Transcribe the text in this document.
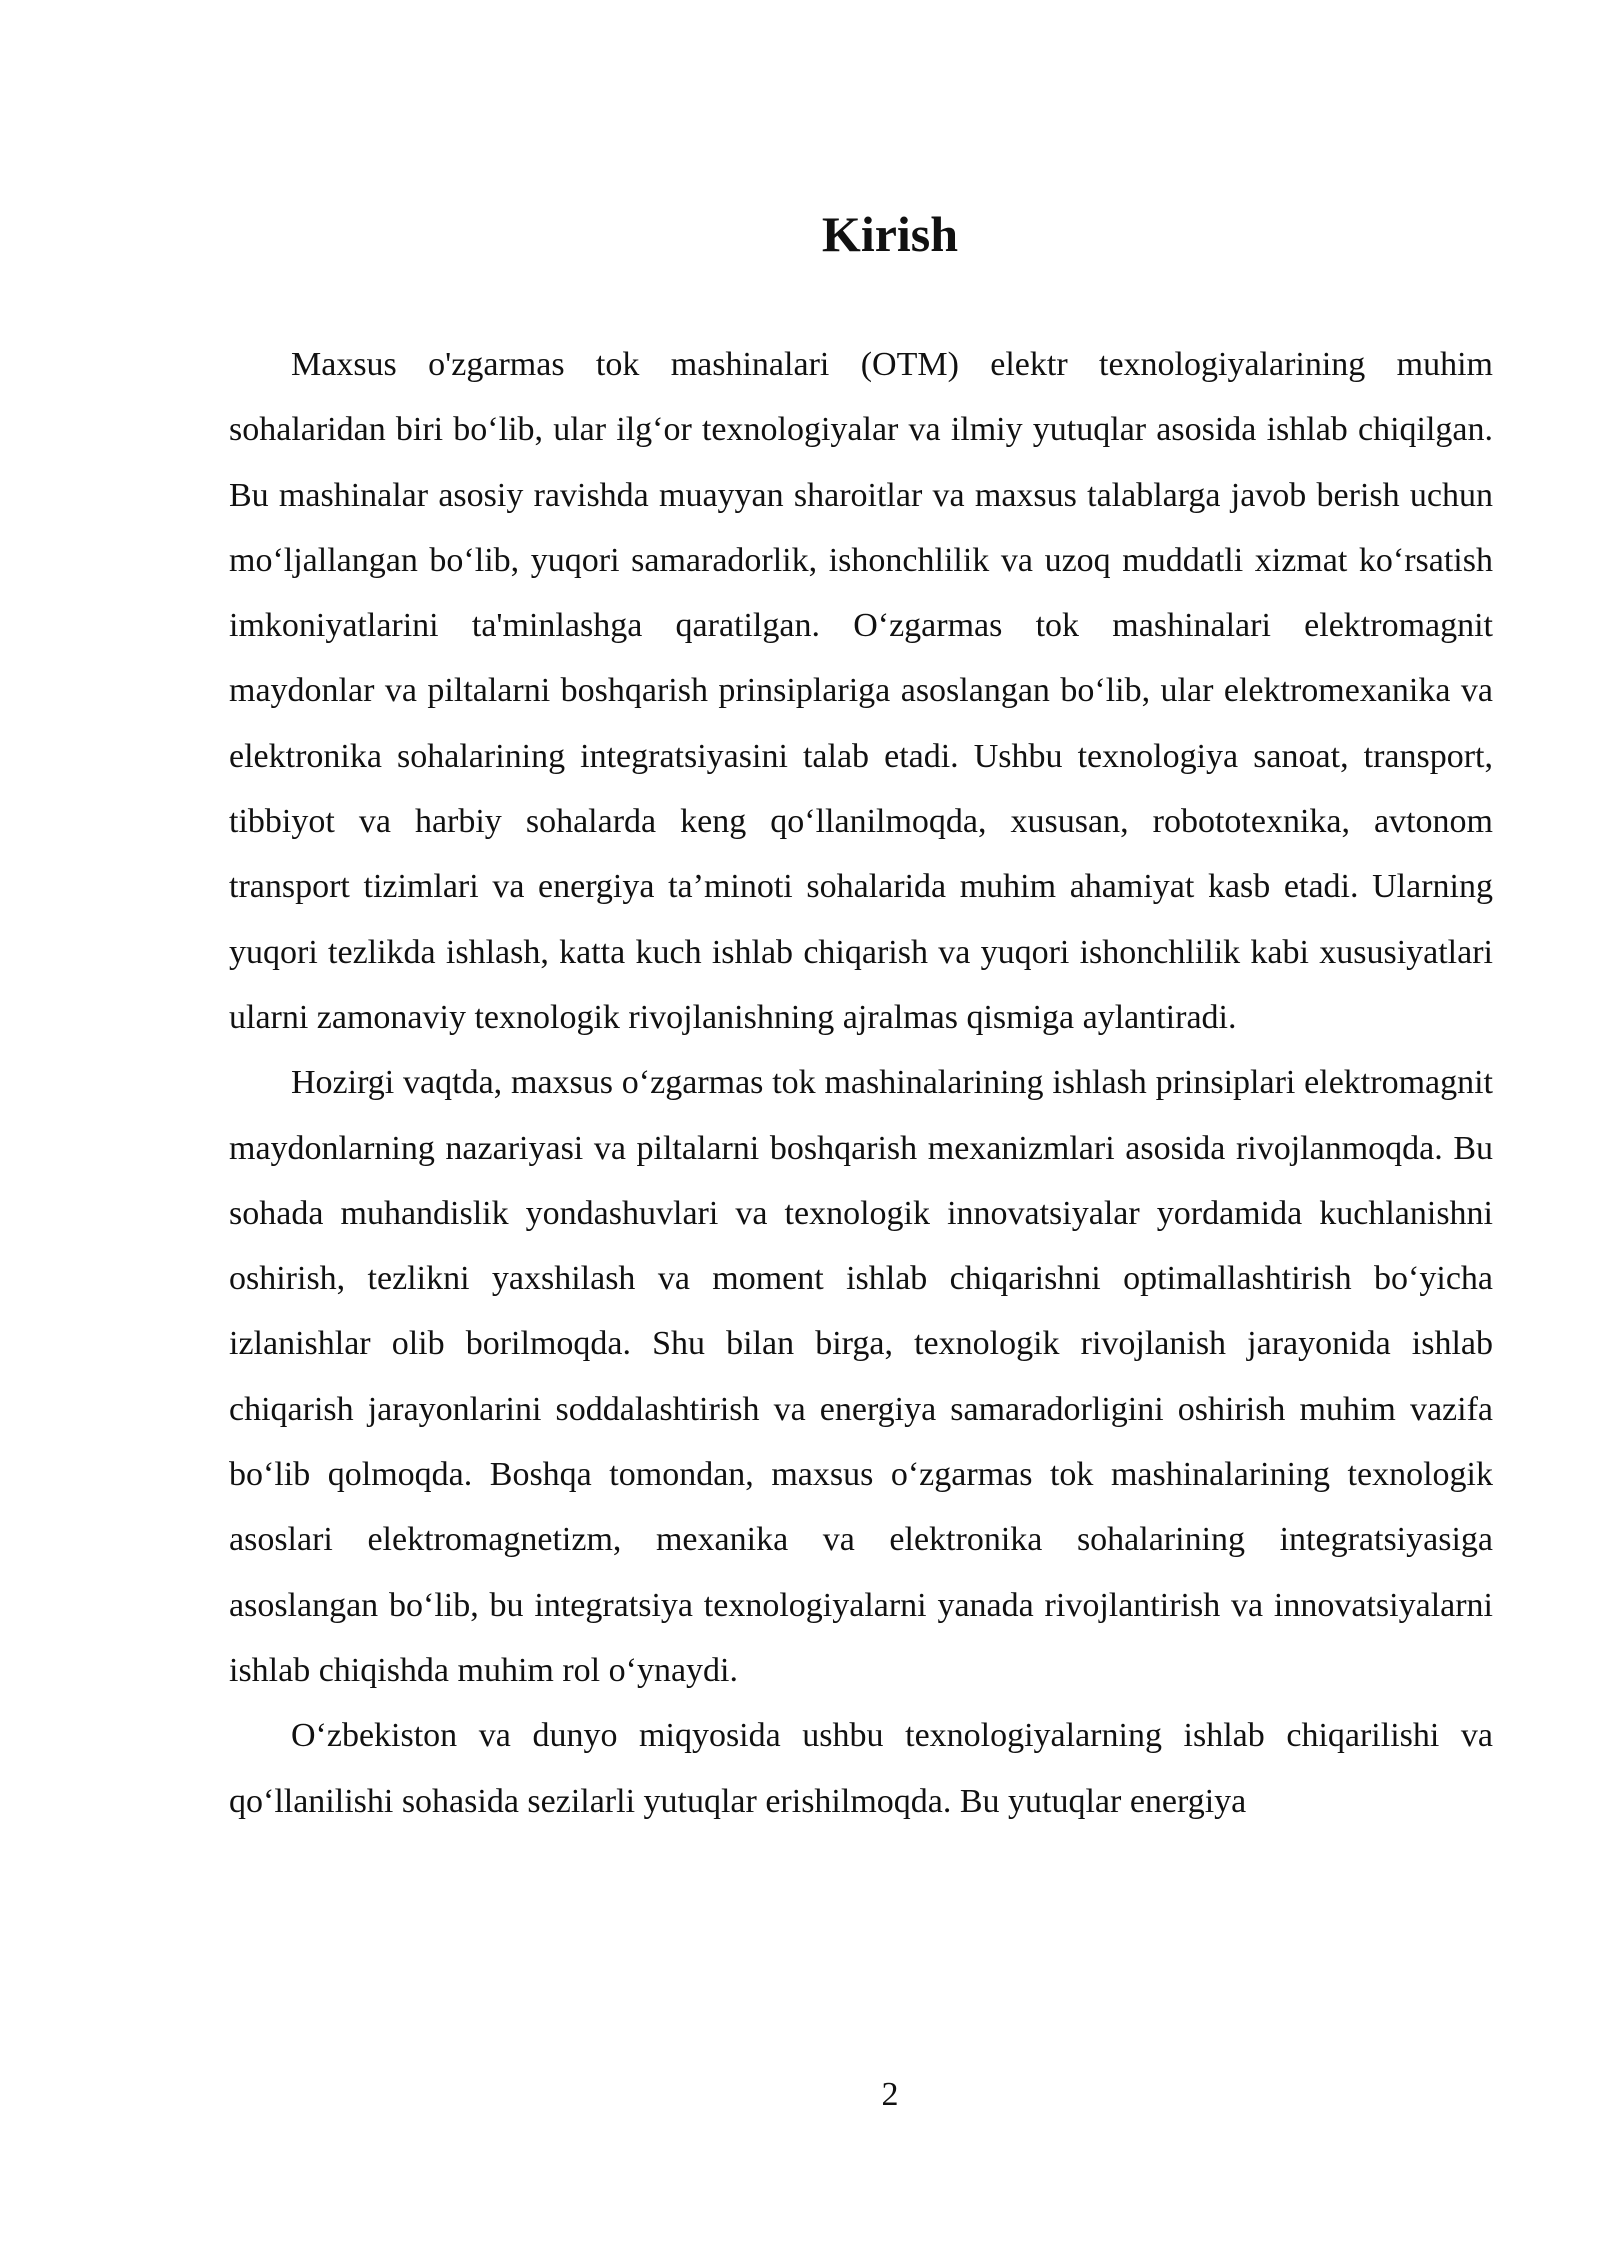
Kirish

Maxsus o'zgarmas tok mashinalari (OTM) elektr texnologiyalarining muhim sohalaridan biri bo‘lib, ular ilg‘or texnologiyalar va ilmiy yutuqlar asosida ishlab chiqilgan. Bu mashinalar asosiy ravishda muayyan sharoitlar va maxsus talablarga javob berish uchun mo‘ljallangan bo‘lib, yuqori samaradorlik, ishonchlilik va uzoq muddatli xizmat ko‘rsatish imkoniyatlarini ta'minlashga qaratilgan. O‘zgarmas tok mashinalari elektromagnit maydonlar va piltalarni boshqarish prinsiplariga asoslangan bo‘lib, ular elektromexanika va elektronika sohalarining integratsiyasini talab etadi. Ushbu texnologiya sanoat, transport, tibbiyot va harbiy sohalarda keng qo‘llanilmoqda, xususan, robototexnika, avtonom transport tizimlari va energiya ta’minoti sohalarida muhim ahamiyat kasb etadi. Ularning yuqori tezlikda ishlash, katta kuch ishlab chiqarish va yuqori ishonchlilik kabi xususiyatlari ularni zamonaviy texnologik rivojlanishning ajralmas qismiga aylantiradi.

Hozirgi vaqtda, maxsus o‘zgarmas tok mashinalarining ishlash prinsiplari elektromagnit maydonlarning nazariyasi va piltalarni boshqarish mexanizmlari asosida rivojlanmoqda. Bu sohada muhandislik yondashuvlari va texnologik innovatsiyalar yordamida kuchlanishni oshirish, tezlikni yaxshilash va moment ishlab chiqarishni optimallashtirish bo‘yicha izlanishlar olib borilmoqda. Shu bilan birga, texnologik rivojlanish jarayonida ishlab chiqarish jarayonlarini soddalashtirish va energiya samaradorligini oshirish muhim vazifa bo‘lib qolmoqda. Boshqa tomondan, maxsus o‘zgarmas tok mashinalarining texnologik asoslari elektromagnetizm, mexanika va elektronika sohalarining integratsiyasiga asoslangan bo‘lib, bu integratsiya texnologiyalarni yanada rivojlantirish va innovatsiyalarni ishlab chiqishda muhim rol o‘ynaydi.

O‘zbekiston va dunyo miqyosida ushbu texnologiyalarning ishlab chiqarilishi va qo‘llanilishi sohasida sezilarli yutuqlar erishilmoqda. Bu yutuqlar energiya

2
